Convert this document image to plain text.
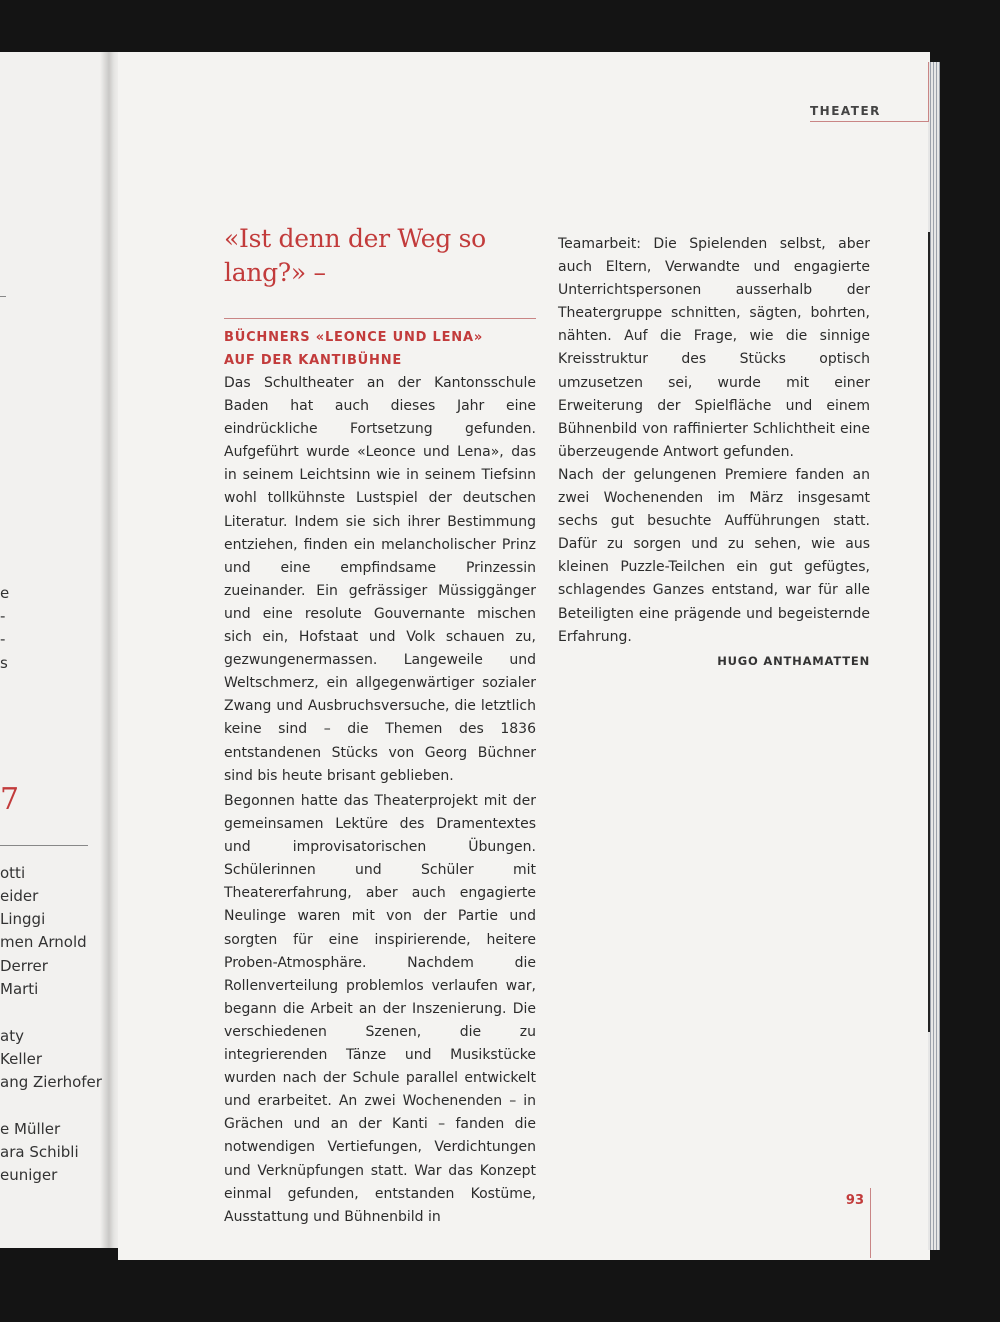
e
-
-
s
7
otti
eider
Linggi
men Arnold
Derrer
Marti
aty
Keller
ang Zierhofer
e Müller
ara Schibli
euniger
THEATER
«Ist denn der Weg so lang?» –
BÜCHNERS «LEONCE UND LENA»
AUF DER KANTIBÜHNE

Das Schultheater an der Kantonsschule Baden hat auch dieses Jahr eine eindrückliche Fortsetzung gefunden. Aufgeführt wurde «Leonce und Lena», das in seinem Leichtsinn wie in seinem Tiefsinn wohl tollkühnste Lustspiel der deutschen Literatur. Indem sie sich ihrer Bestimmung entziehen, finden ein melancholischer Prinz und eine empfindsame Prinzessin zueinander. Ein gefrässiger Müssiggänger und eine resolute Gouvernante mischen sich ein, Hofstaat und Volk schauen zu, gezwungenermassen. Langeweile und Weltschmerz, ein allgegenwärtiger sozialer Zwang und Ausbruchsversuche, die letztlich keine sind – die Themen des 1836 entstandenen Stücks von Georg Büchner sind bis heute brisant geblieben.

Begonnen hatte das Theaterprojekt mit der gemeinsamen Lektüre des Dramentextes und improvisatorischen Übungen. Schülerinnen und Schüler mit Theatererfahrung, aber auch engagierte Neulinge waren mit von der Partie und sorgten für eine inspirierende, heitere Proben-Atmosphäre. Nachdem die Rollenverteilung problemlos verlaufen war, begann die Arbeit an der Inszenierung. Die verschiedenen Szenen, die zu integrierenden Tänze und Musikstücke wurden nach der Schule parallel entwickelt und erarbeitet. An zwei Wochenenden – in Grächen und an der Kanti – fanden die notwendigen Vertiefungen, Verdichtungen und Verknüpfungen statt. War das Konzept einmal gefunden, entstanden Kostüme, Ausstattung und Bühnenbild in

Teamarbeit: Die Spielenden selbst, aber auch Eltern, Verwandte und engagierte Unterrichtspersonen ausserhalb der Theatergruppe schnitten, sägten, bohrten, nähten. Auf die Frage, wie die sinnige Kreisstruktur des Stücks optisch umzusetzen sei, wurde mit einer Erweiterung der Spielfläche und einem Bühnenbild von raffinierter Schlichtheit eine überzeugende Antwort gefunden.
Nach der gelungenen Premiere fanden an zwei Wochenenden im März insgesamt sechs gut besuchte Aufführungen statt. Dafür zu sorgen und zu sehen, wie aus kleinen Puzzle-Teilchen ein gut gefügtes, schlagendes Ganzes entstand, war für alle Beteiligten eine prägende und begeisternde Erfahrung.
HUGO ANTHAMATTEN
93
